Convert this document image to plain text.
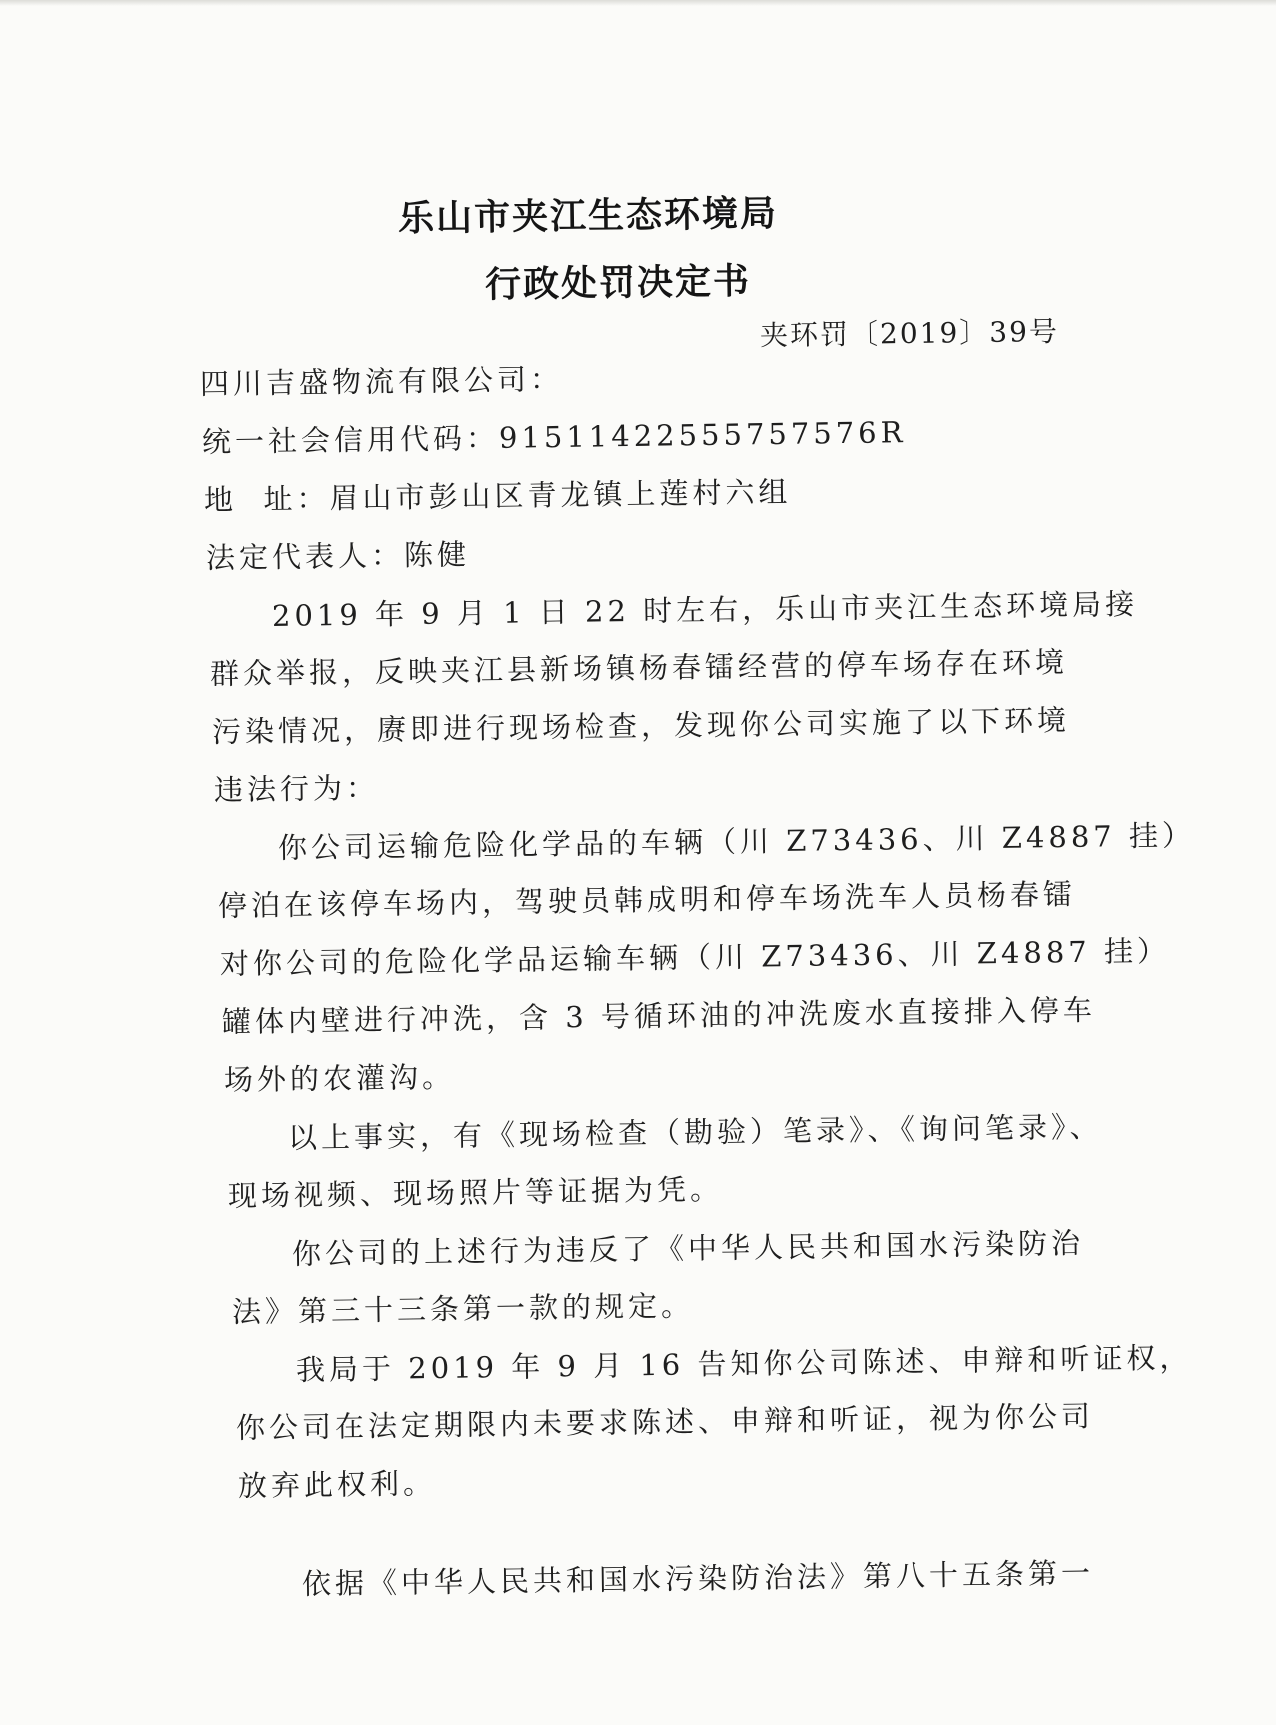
乐山市夹江生态环境局
行政处罚决定书
夹环罚〔2019〕39号
四川吉盛物流有限公司：
统一社会信用代码：91511422555757576R
地  址：眉山市彭山区青龙镇上莲村六组
法定代表人：陈健
2019 年 9 月 1 日 22 时左右，乐山市夹江生态环境局接
群众举报，反映夹江县新场镇杨春镭经营的停车场存在环境
污染情况，赓即进行现场检查，发现你公司实施了以下环境
违法行为：
你公司运输危险化学品的车辆（川 Z73436、川 Z4887 挂）
停泊在该停车场内，驾驶员韩成明和停车场洗车人员杨春镭
对你公司的危险化学品运输车辆（川 Z73436、川 Z4887 挂）
罐体内壁进行冲洗，含 3 号循环油的冲洗废水直接排入停车
场外的农灌沟。
以上事实，有《现场检查（勘验）笔录》、《询问笔录》、
现场视频、现场照片等证据为凭。
你公司的上述行为违反了《中华人民共和国水污染防治
法》第三十三条第一款的规定。
我局于 2019 年 9 月 16 告知你公司陈述、申辩和听证权，
你公司在法定期限内未要求陈述、申辩和听证，视为你公司
放弃此权利。
依据《中华人民共和国水污染防治法》第八十五条第一
